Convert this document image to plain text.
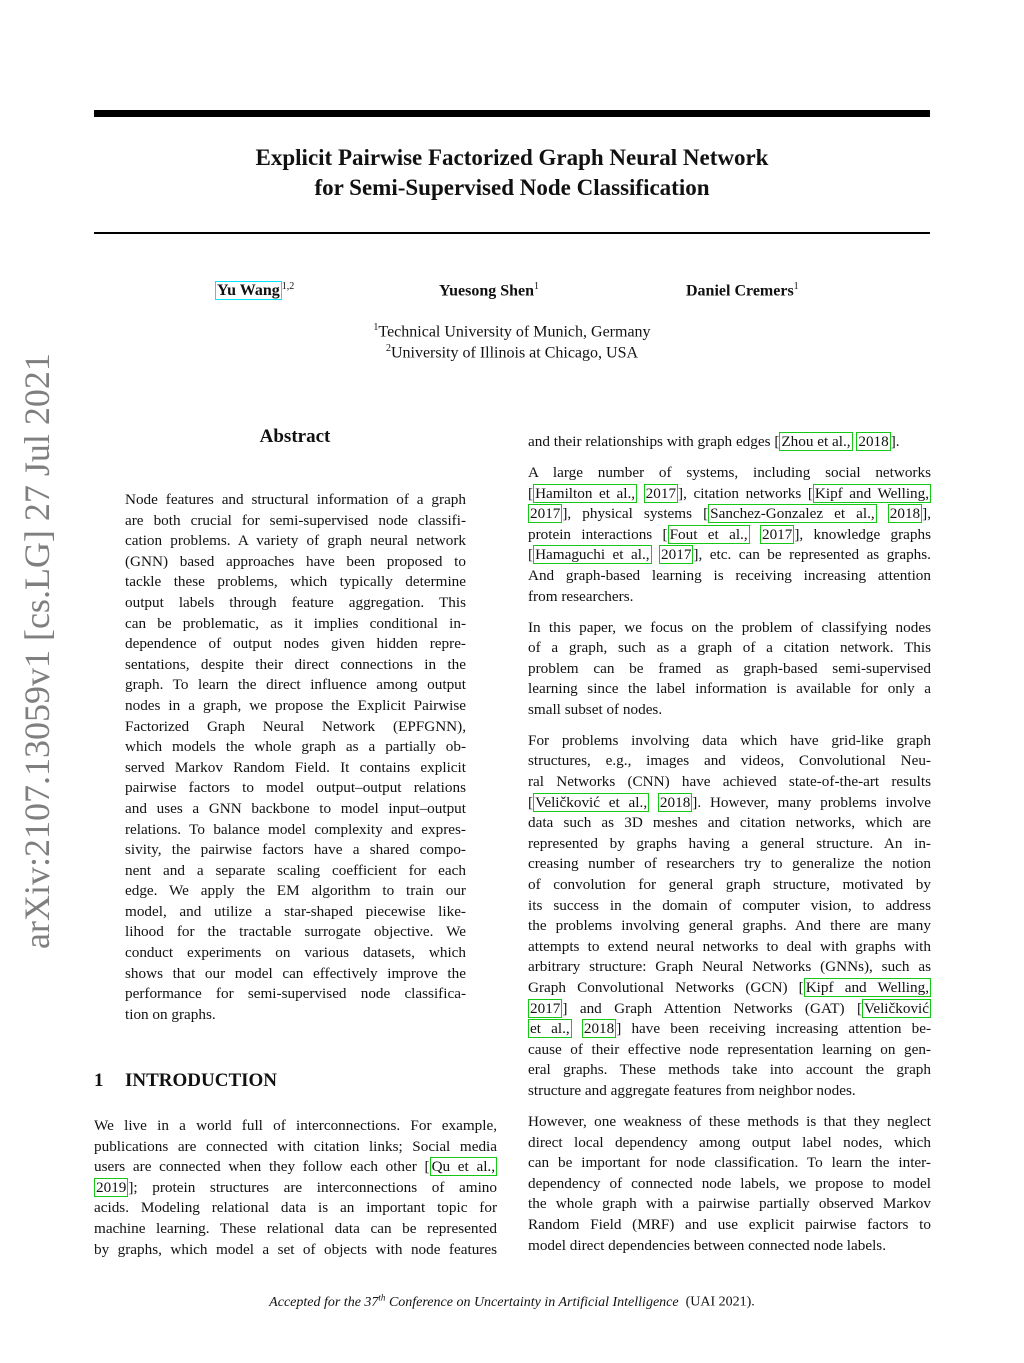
Explicit Pairwise Factorized Graph Neural Network
for Semi-Supervised Node Classification
Yu Wang $^{1,2}$	Yuesong Shen$^1$	Daniel Cremers$^1$
$^1$Technical University of Munich, Germany
$^2$University of Illinois at Chicago, USA
arXiv:2107.13059v1 [cs.LG] 27 Jul 2021	Abstract
Node features and structural information of a graph
are both crucial for semi-supervised node classifi-
cation problems. A variety of graph neural network
(GNN) based approaches have been proposed to
tackle these problems, which typically determine
output labels through feature aggregation. This
can be problematic, as it implies conditional in-
dependence of output nodes given hidden repre-
sentations, despite their direct connections in the
graph. To learn the direct influence among output
nodes in a graph, we propose the Explicit Pairwise
Factorized Graph Neural Network (EPFGNN),
which models the whole graph as a partially ob-
served Markov Random Field. It contains explicit
pairwise factors to model output–output relations
and uses a GNN backbone to model input–output
relations. To balance model complexity and expres-
sivity, the pairwise factors have a shared compo-
nent and a separate scaling coefficient for each
edge. We apply the EM algorithm to train our
model, and utilize a star-shaped piecewise like-
lihood for the tractable surrogate objective. We
conduct experiments on various datasets, which
shows that our model can effectively improve the
performance for semi-supervised node classifica-
tion on graphs.
1 INTRODUCTION
We live in a world full of interconnections. For example,
publications are connected with citation links; Social media
users are connected when they follow each other [ Qu et al.,
2019 ]; protein structures are interconnections of amino
acids. Modeling relational data is an important topic for
machine learning. These relational data can be represented
by graphs, which model a set of objects with node features
and their relationships with graph edges [ Zhou et al., 2018 ].
A large number of systems, including social networks
[ Hamilton et al., 2017 ], citation networks [ Kipf and Welling,
2017 ], physical systems [ Sanchez-Gonzalez et al., 2018 ],
protein interactions [ Fout et al., 2017 ], knowledge graphs
[ Hamaguchi et al., 2017 ], etc. can be represented as graphs.
And graph-based learning is receiving increasing attention
from researchers.
In this paper, we focus on the problem of classifying nodes
of a graph, such as a graph of a citation network. This
problem can be framed as graph-based semi-supervised
learning since the label information is available for only a
small subset of nodes.
For problems involving data which have grid-like graph
structures, e.g., images and videos, Convolutional Neu-
ral Networks (CNN) have achieved state-of-the-art results
[ Veličković et al., 2018 ]. However, many problems involve
data such as 3D meshes and citation networks, which are
represented by graphs having a general structure. An in-
creasing number of researchers try to generalize the notion
of convolution for general graph structure, motivated by
its success in the domain of computer vision, to address
the problems involving general graphs. And there are many
attempts to extend neural networks to deal with graphs with
arbitrary structure: Graph Neural Networks (GNNs), such as
Graph Convolutional Networks (GCN) [ Kipf and Welling,
2017 ] and Graph Attention Networks (GAT) [ Veličković
et al., 2018 ] have been receiving increasing attention be-
cause of their effective node representation learning on gen-
eral graphs. These methods take into account the graph
structure and aggregate features from neighbor nodes.
However, one weakness of these methods is that they neglect
direct local dependency among output label nodes, which
can be important for node classification. To learn the inter-
dependency of connected node labels, we propose to model
the whole graph with a pairwise partially observed Markov
Random Field (MRF) and use explicit pairwise factors to
model direct dependencies between connected node labels.
Accepted for the 37th Conference on Uncertainty in Artificial Intelligence (UAI 2021).
